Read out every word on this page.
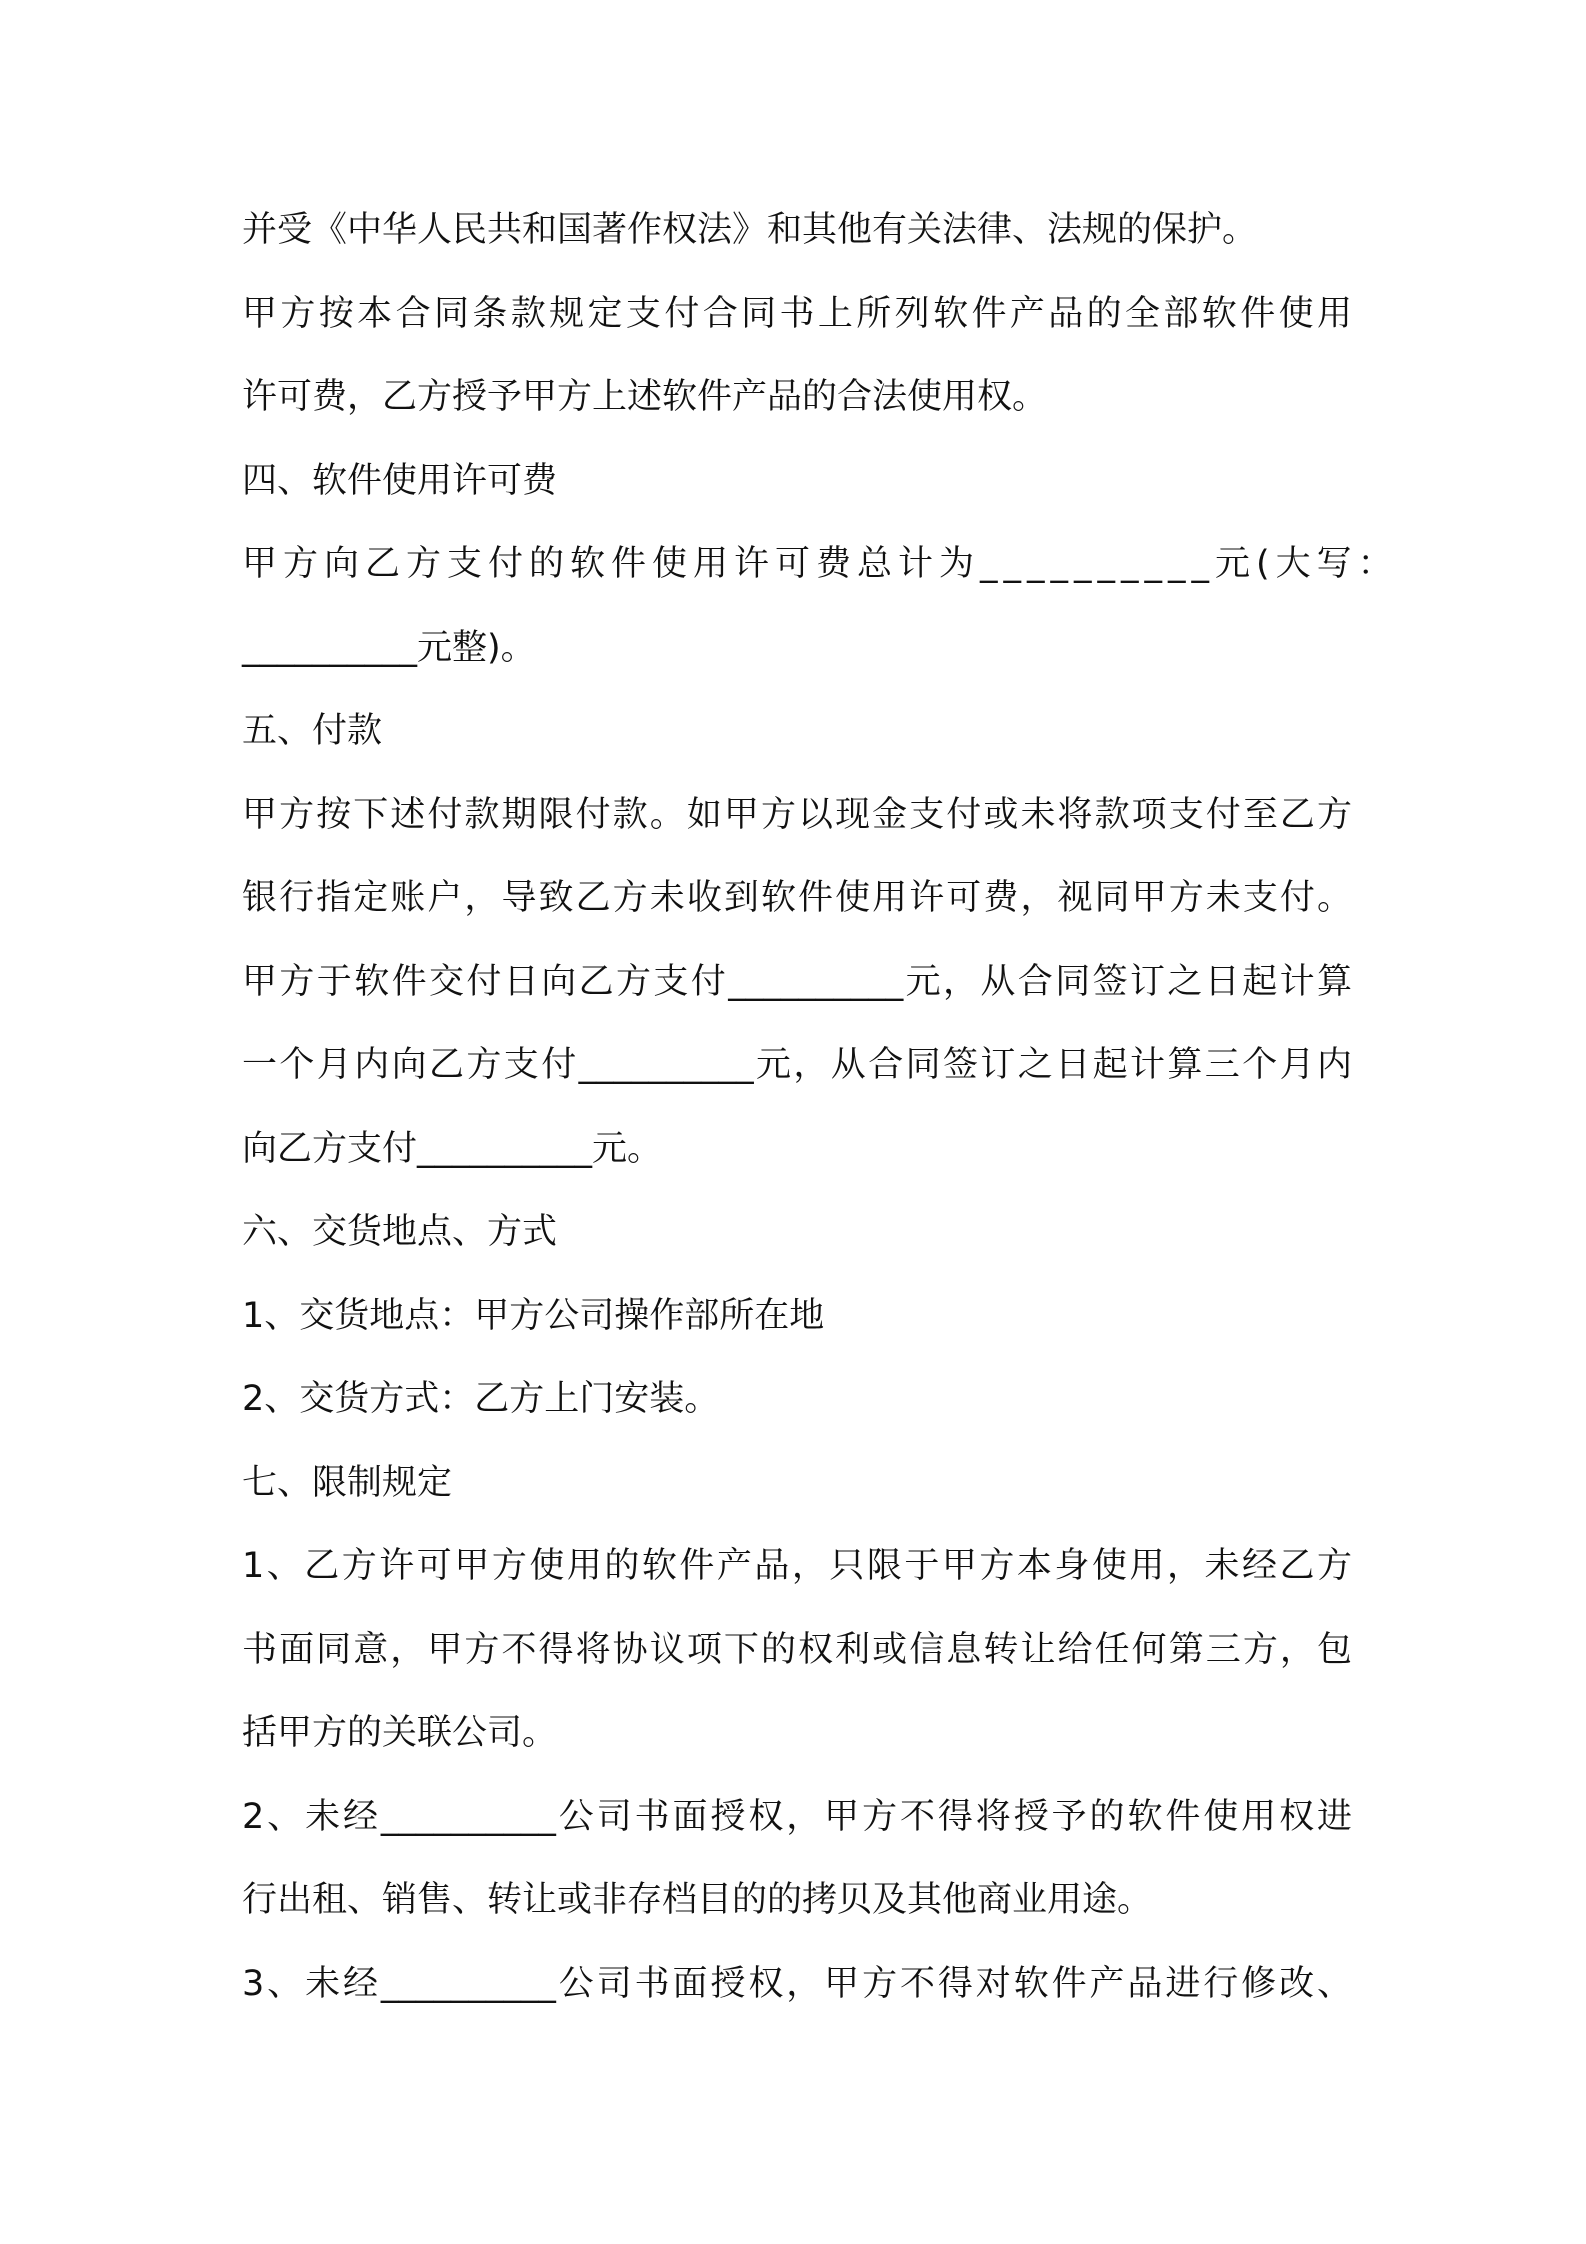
并受《中华人民共和国著作权法》和其他有关法律、法规的保护。
甲方按本合同条款规定支付合同书上所列软件产品的全部软件使用
许可费，乙方授予甲方上述软件产品的合法使用权。
四、软件使用许可费
甲方向乙方支付的软件使用许可费总计为__________元(大写：
__________元整)。
五、付款
甲方按下述付款期限付款。如甲方以现金支付或未将款项支付至乙方
银行指定账户，导致乙方未收到软件使用许可费，视同甲方未支付。
甲方于软件交付日向乙方支付__________元，从合同签订之日起计算
一个月内向乙方支付__________元，从合同签订之日起计算三个月内
向乙方支付__________元。
六、交货地点、方式
1、交货地点：甲方公司操作部所在地
2、交货方式：乙方上门安装。
七、限制规定
1、乙方许可甲方使用的软件产品，只限于甲方本身使用，未经乙方
书面同意，甲方不得将协议项下的权利或信息转让给任何第三方，包
括甲方的关联公司。
2、未经__________公司书面授权，甲方不得将授予的软件使用权进
行出租、销售、转让或非存档目的的拷贝及其他商业用途。
3、未经__________公司书面授权，甲方不得对软件产品进行修改、
